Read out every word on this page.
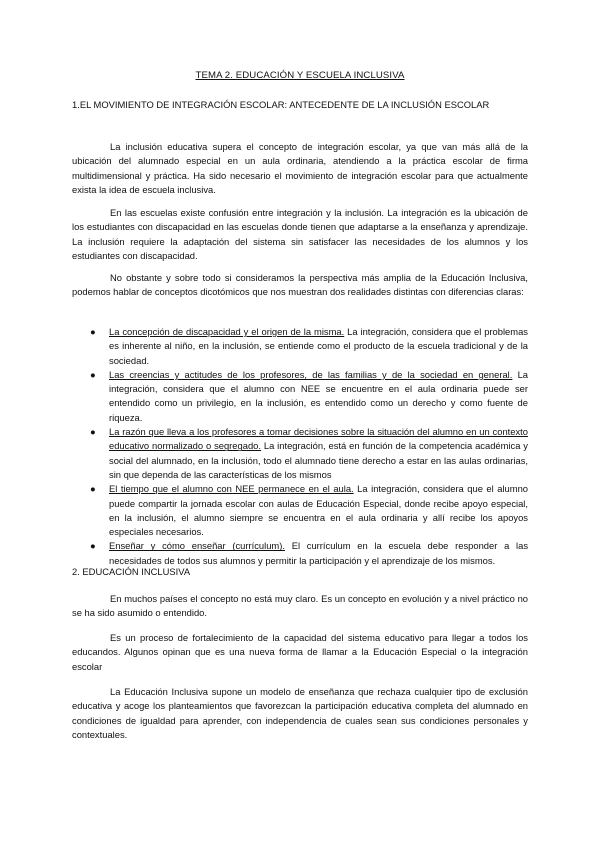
TEMA 2. EDUCACIÓN Y ESCUELA INCLUSIVA
1.EL MOVIMIENTO DE INTEGRACIÓN ESCOLAR: ANTECEDENTE DE LA INCLUSIÓN ESCOLAR
La inclusión educativa supera el concepto de integración escolar, ya que van más allá de la ubicación del alumnado especial en un aula ordinaria, atendiendo a la práctica escolar de firma multidimensional y práctica. Ha sido necesario el movimiento de integración escolar para que actualmente exista la idea de escuela inclusiva.
En las escuelas existe confusión entre integración y la inclusión. La integración es la ubicación de los estudiantes con discapacidad en las escuelas donde tienen que adaptarse a la enseñanza y aprendizaje. La inclusión requiere la adaptación del sistema sin satisfacer las necesidades de los alumnos y los estudiantes con discapacidad.
No obstante y sobre todo si consideramos la perspectiva más amplia de la Educación Inclusiva, podemos hablar de conceptos dicotómicos que nos muestran dos realidades distintas con diferencias claras:
● La concepción de discapacidad y el origen de la misma. La integración, considera que el problemas es inherente al niño, en la inclusión, se entiende como el producto de la escuela tradicional y de la sociedad.
● Las creencias y actitudes de los profesores, de las familias y de la sociedad en general. La integración, considera que el alumno con NEE se encuentre en el aula ordinaria puede ser entendido como un privilegio, en la inclusión, es entendido como un derecho y como fuente de riqueza.
● La razón que lleva a los profesores a tomar decisiones sobre la situación del alumno en un contexto educativo normalizado o segregado. La integración, está en función de la competencia académica y social del alumnado, en la inclusión, todo el alumnado tiene derecho a estar en las aulas ordinarias, sin que dependa de las características de los mismos
● El tiempo que el alumno con NEE permanece en el aula. La integración, considera que el alumno puede compartir la jornada escolar con aulas de Educación Especial, donde recibe apoyo especial, en la inclusión, el alumno siempre se encuentra en el aula ordinaria y allí recibe los apoyos especiales necesarios.
● Enseñar y cómo enseñar (currículum). El currículum en la escuela debe responder a las necesidades de todos sus alumnos y permitir la participación y el aprendizaje de los mismos.
2. EDUCACIÓN INCLUSIVA
En muchos países el concepto no está muy claro. Es un concepto en evolución y a nivel práctico no se ha sido asumido o entendido.
Es un proceso de fortalecimiento de la capacidad del sistema educativo para llegar a todos los educandos. Algunos opinan que es una nueva forma de llamar a la Educación Especial o la integración escolar
La Educación Inclusiva supone un modelo de enseñanza que rechaza cualquier tipo de exclusión educativa y acoge los planteamientos que favorezcan la participación educativa completa del alumnado en condiciones de igualdad para aprender, con independencia de cuales sean sus condiciones personales y contextuales.
